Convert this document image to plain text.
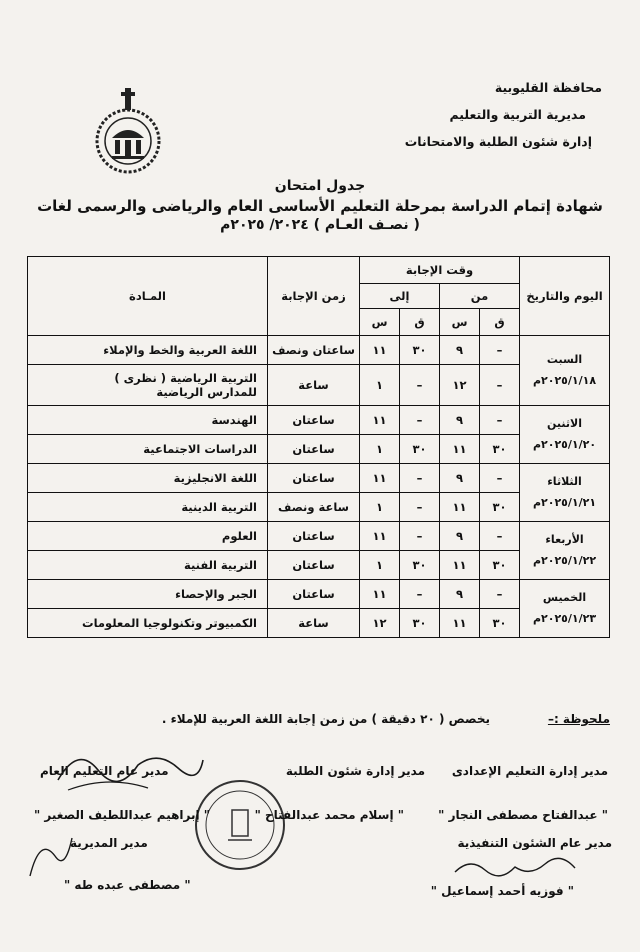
محافظة القليوبية
مديرية التربية والتعليم
إدارة شئون الطلبة والامتحانات
جدول امتحان
شهادة إتمام الدراسة بمرحلة التعليم الأساسى العام والرياضى والرسمى لغات
( نصـف العـام ) ٢٠٢٤/ ٢٠٢٥م
اليوم والتاريخ	وقت الإجابة				زمن الإجابة	المـادة
	من		إلى			
	ق	س	ق	س		

السبت
٢٠٢٥/١/١٨م	–	٩	٣٠	١١	ساعتان ونصف	اللغة العربية والخط والإملاء
	–	١٢	–	١	ساعة	التربية الرياضية ( نظرى )
للمدارس الرياضية

الاثنين
٢٠٢٥/١/٢٠م	–	٩	–	١١	ساعتان	الهندسة
	٣٠	١١	٣٠	١	ساعتان	الدراسات الاجتماعية

الثلاثاء
٢٠٢٥/١/٢١م	–	٩	–	١١	ساعتان	اللغة الانجليزية
	٣٠	١١	–	١	ساعة ونصف	التربية الدينية

الأربعاء
٢٠٢٥/١/٢٢م	–	٩	–	١١	ساعتان	العلوم
	٣٠	١١	٣٠	١	ساعتان	التربية الفنية

الخميس
٢٠٢٥/١/٢٣م	–	٩	–	١١	ساعتان	الجبر والإحصاء
	٣٠	١١	٣٠	١٢	ساعة	الكمبيوتر وتكنولوجيا المعلومات
ملحوظة :–
يخصص ( ٢٠ دقيقة ) من زمن إجابة اللغة العربية للإملاء .
مدير إدارة التعليم الإعدادى
مدير إدارة شئون الطلبة
مدير عام التعليم العام
" عبدالفتاح مصطفى النجار "
" إسلام محمد عبدالفتاح "
" إبراهيم عبداللطيف الصغير "
مدير عام الشئون التنفيذية
مدير المديرية
" فوزيه أحمد إسماعيل "
" مصطفى عبده طه "
